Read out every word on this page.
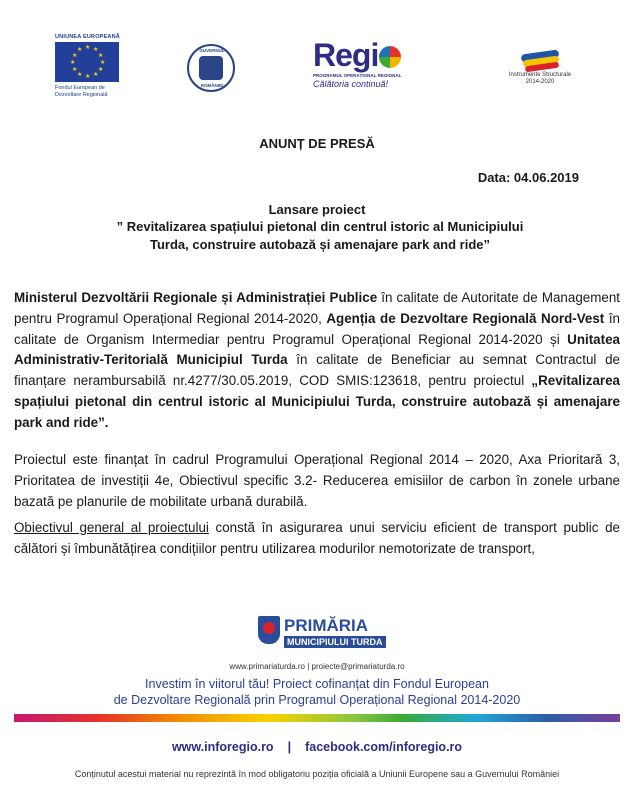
UNIUNEA EUROPEANĂ
★ ★
★
★
★
★
★
★
★
★
★
★
Fondul European de
Dezvoltare Regională
GUVERNUL
ROMÂNIEI
Regi
PROGRAMUL OPERAȚIONAL REGIONAL
Călătoria continuă!
Instrumente Structurale
2014-2020
ANUNȚ DE PRESĂ
Data: 04.06.2019
Lansare proiect
” Revitalizarea spațiului pietonal din centrul istoric al Municipiului Turda, construire autobază și amenajare park and ride”
Ministerul Dezvoltării Regionale și Administrației Publice în calitate de Autoritate de Management pentru Programul Operațional Regional 2014-2020, Agenția de Dezvoltare Regională Nord-Vest în calitate de Organism Intermediar pentru Programul Operațional Regional 2014-2020 și Unitatea Administrativ-Teritorială Municipiul Turda în calitate de Beneficiar au semnat Contractul de finanțare nerambursabilă nr.4277/30.05.2019, COD SMIS:123618, pentru proiectul „Revitalizarea spațiului pietonal din centrul istoric al Municipiului Turda, construire autobază și amenajare park and ride”.
Proiectul este finanțat în cadrul Programului Operațional Regional 2014 – 2020, Axa Prioritară 3, Prioritatea de investiții 4e, Obiectivul specific 3.2- Reducerea emisiilor de carbon în zonele urbane bazată pe planurile de mobilitate urbană durabilă.
Obiectivul general al proiectului constă în asigurarea unui serviciu eficient de transport public de călători și îmbunătățirea condițiilor pentru utilizarea modurilor nemotorizate de transport,
PRIMĂRIA
MUNICIPIULUI TURDA
www.primariaturda.ro | proiecte@primariaturda.ro
Investim în viitorul tău! Proiect cofinanțat din Fondul European
de Dezvoltare Regională prin Programul Operațional Regional 2014-2020
www.inforegio.ro | facebook.com/inforegio.ro
Conținutul acestui material nu reprezintă în mod obligatoriu poziția oficială a Uniunii Europene sau a Guvernului României
